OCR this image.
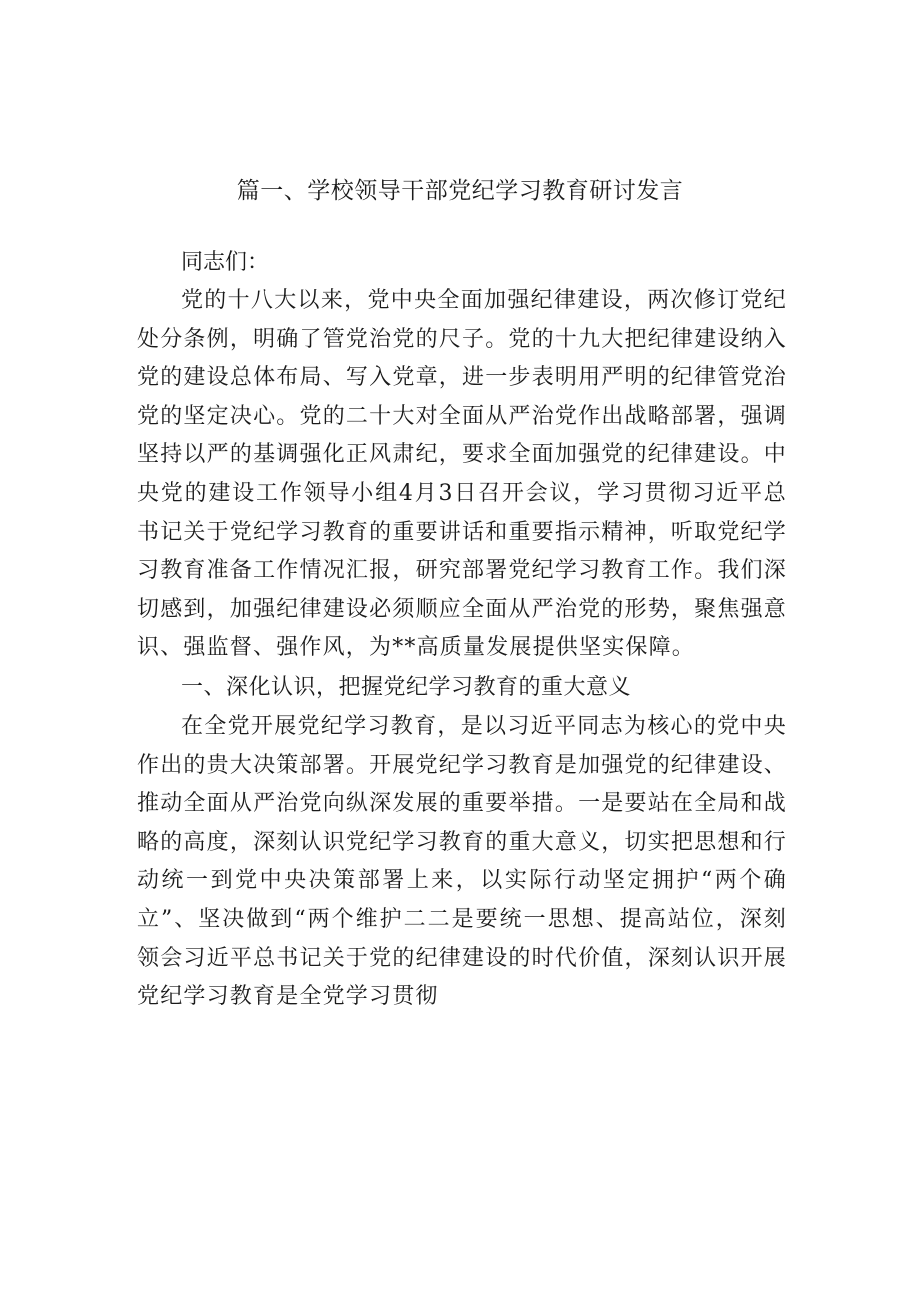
篇一、学校领导干部党纪学习教育研讨发言

同志们：

党的十八大以来，党中央全面加强纪律建设，两次修订党纪处分条例，明确了管党治党的尺子。党的十九大把纪律建设纳入党的建设总体布局、写入党章，进一步表明用严明的纪律管党治党的坚定决心。党的二十大对全面从严治党作出战略部署，强调坚持以严的基调强化正风肃纪，要求全面加强党的纪律建设。中央党的建设工作领导小组4月3日召开会议，学习贯彻习近平总书记关于党纪学习教育的重要讲话和重要指示精神，听取党纪学习教育准备工作情况汇报，研究部署党纪学习教育工作。我们深切感到，加强纪律建设必须顺应全面从严治党的形势，聚焦强意识、强监督、强作风，为**高质量发展提供坚实保障。

一、深化认识，把握党纪学习教育的重大意义

在全党开展党纪学习教育，是以习近平同志为核心的党中央作出的贵大决策部署。开展党纪学习教育是加强党的纪律建设、推动全面从严治党向纵深发展的重要举措。一是要站在全局和战略的高度，深刻认识党纪学习教育的重大意义，切实把思想和行动统一到党中央决策部署上来，以实际行动坚定拥护“两个确立”、坚决做到“两个维护二二是要统一思想、提高站位，深刻领会习近平总书记关于党的纪律建设的时代价值，深刻认识开展党纪学习教育是全党学习贯彻
